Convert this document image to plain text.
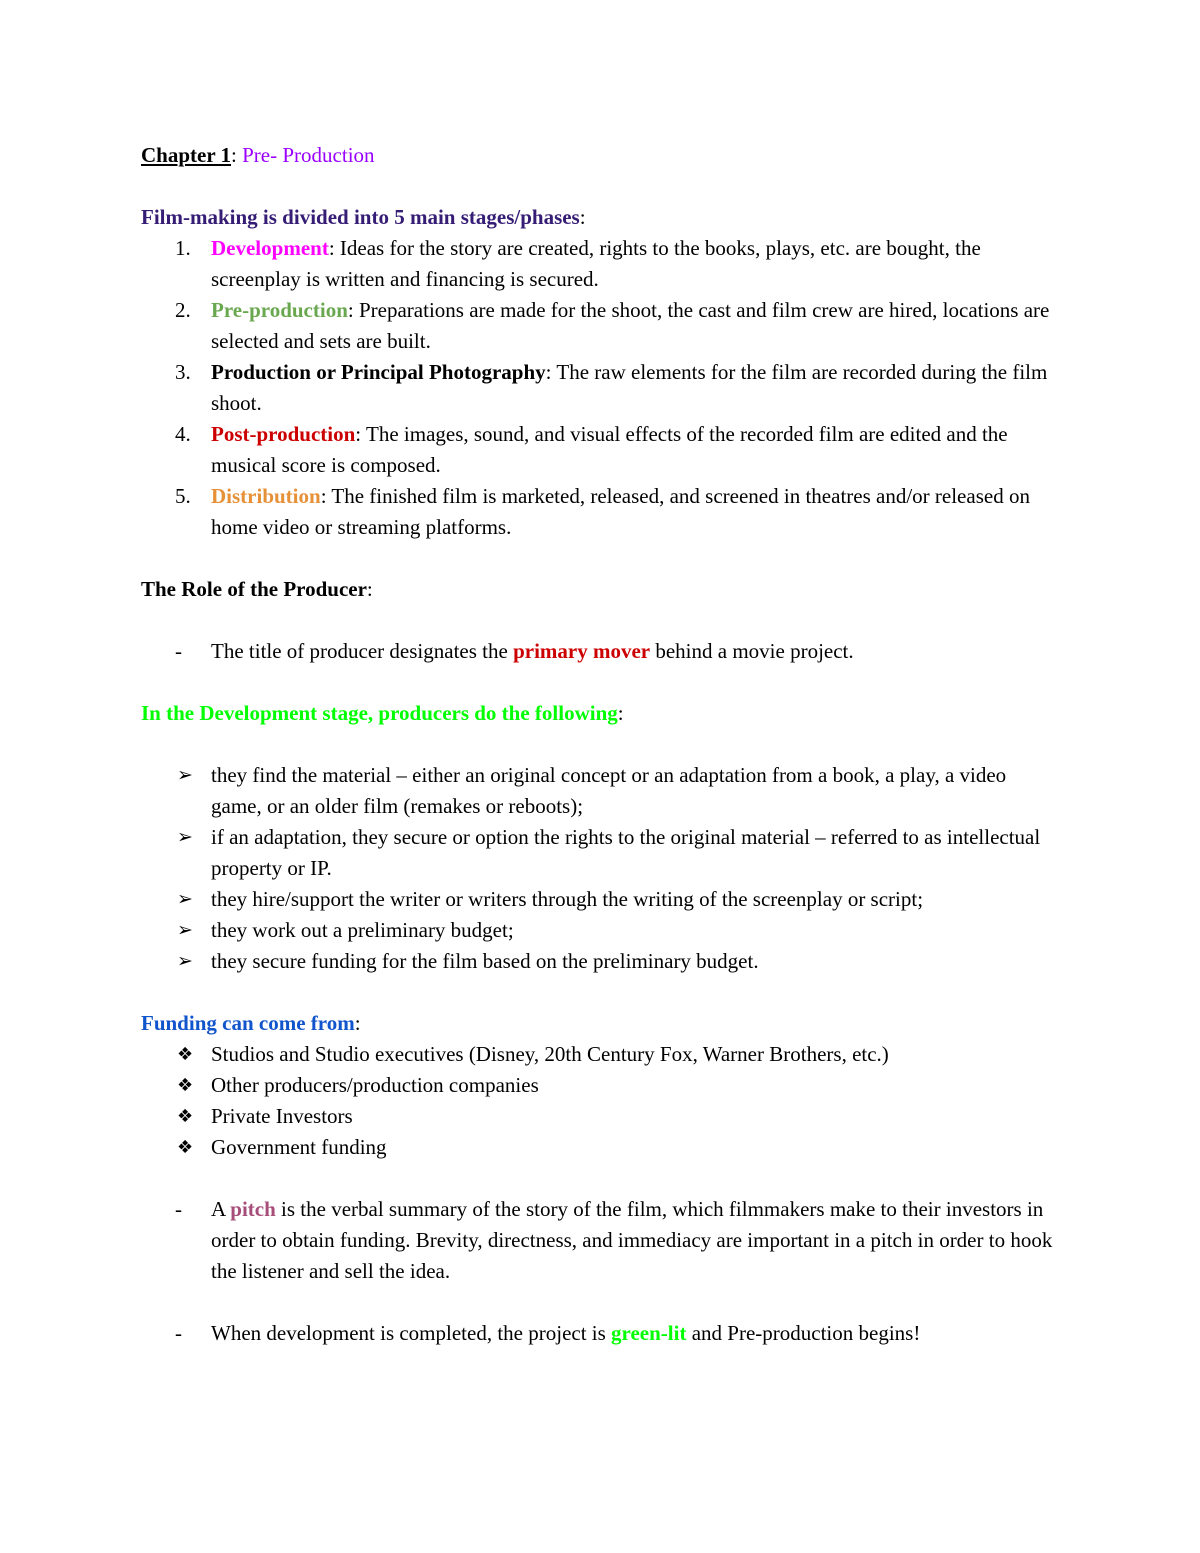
Chapter 1: Pre- Production

Film-making is divided into 5 main stages/phases:

1. Development: Ideas for the story are created, rights to the books, plays, etc. are bought, the screenplay is written and financing is secured.
2. Pre-production: Preparations are made for the shoot, the cast and film crew are hired, locations are selected and sets are built.
3. Production or Principal Photography: The raw elements for the film are recorded during the film shoot.
4. Post-production: The images, sound, and visual effects of the recorded film are edited and the musical score is composed.
5. Distribution: The finished film is marketed, released, and screened in theatres and/or released on home video or streaming platforms.

The Role of the Producer:

- The title of producer designates the primary mover behind a movie project.

In the Development stage, producers do the following:

➢ they find the material – either an original concept or an adaptation from a book, a play, a video game, or an older film (remakes or reboots);
➢ if an adaptation, they secure or option the rights to the original material – referred to as intellectual property or IP.
➢ they hire/support the writer or writers through the writing of the screenplay or script;
➢ they work out a preliminary budget;
➢ they secure funding for the film based on the preliminary budget.

Funding can come from:

❖ Studios and Studio executives (Disney, 20th Century Fox, Warner Brothers, etc.)
❖ Other producers/production companies
❖ Private Investors
❖ Government funding
- A pitch is the verbal summary of the story of the film, which filmmakers make to their investors in order to obtain funding. Brevity, directness, and immediacy are important in a pitch in order to hook the listener and sell the idea.
- When development is completed, the project is green-lit and Pre-production begins!
